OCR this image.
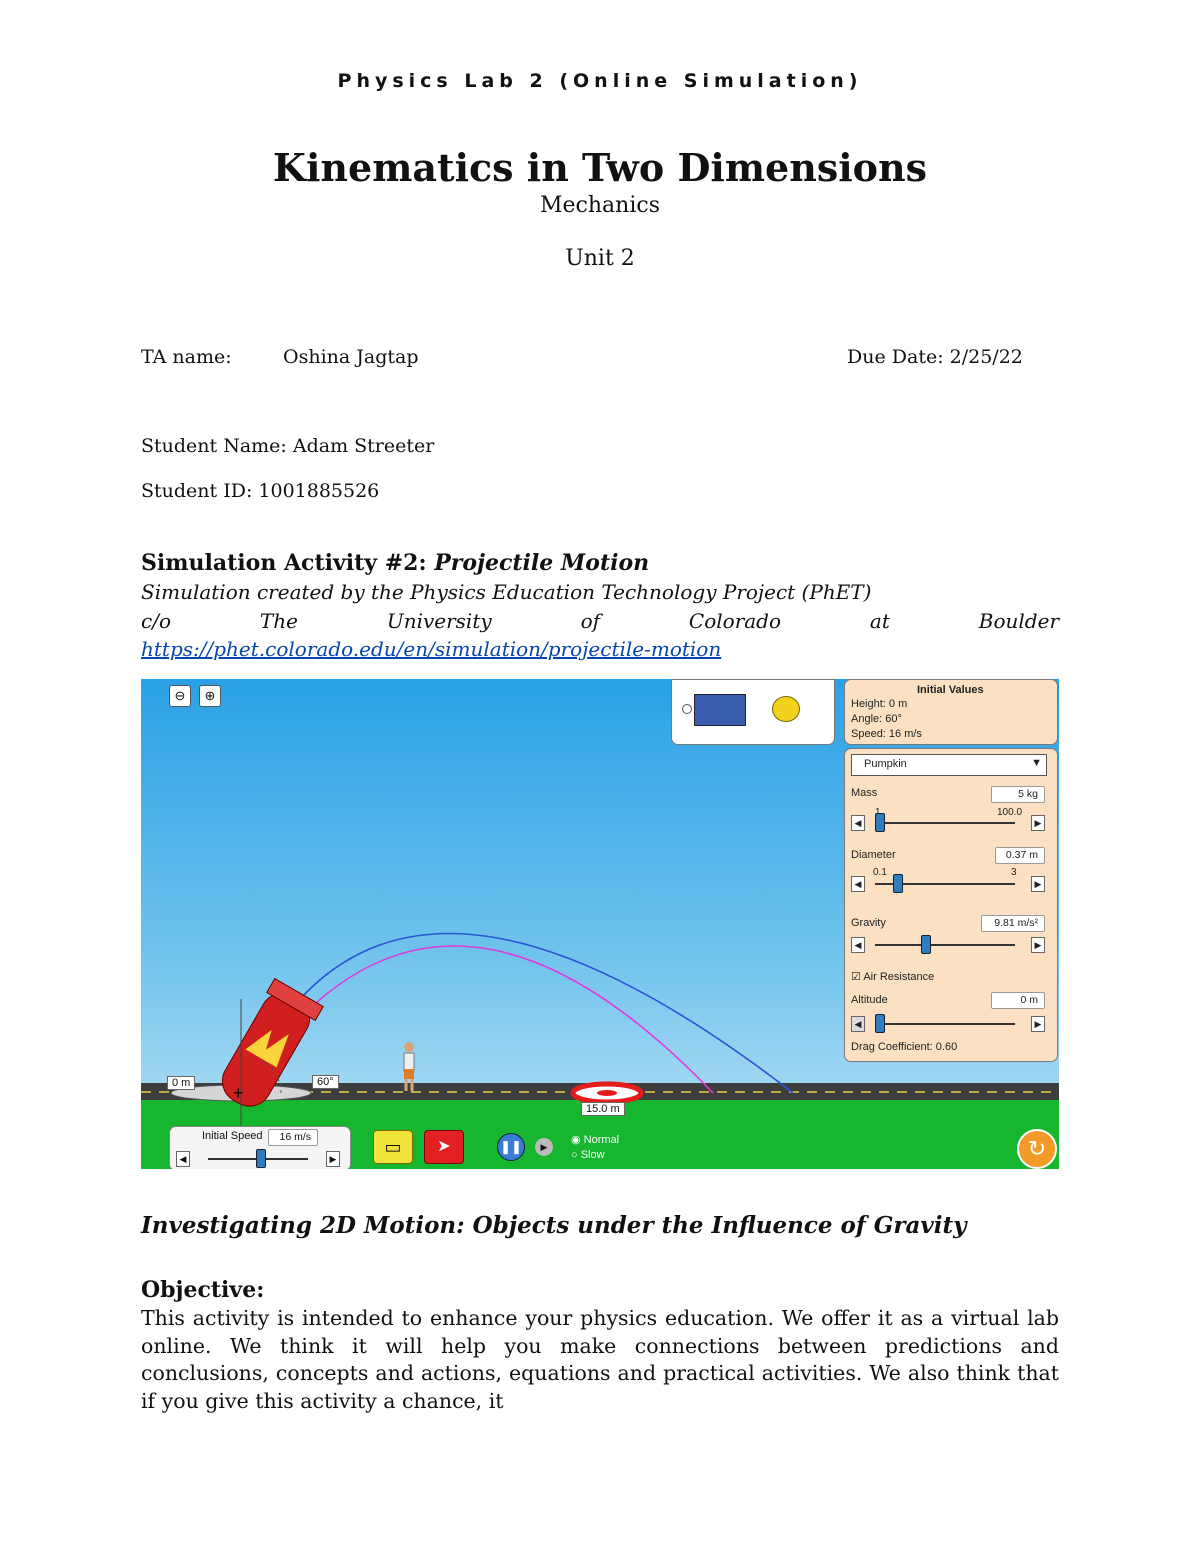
Physics Lab 2 (Online Simulation)
Kinematics in Two Dimensions
Mechanics
Unit 2
TA name:	Oshina Jagtap	Due Date: 2/25/22
Student Name: Adam Streeter
Student ID: 1001885526
Simulation Activity #2: Projectile Motion
Simulation created by the Physics Education Technology Project (PhET)
c/o The University of Colorado at Boulder https://phet.colorado.edu/en/simulation/projectile-motion
+
⊖	⊕
0 m	60°
15.0 m
Initial Values
Height: 0 m
Angle: 60°
Speed: 16 m/s
Pumpkin	▼
Mass	5 kg
100.0
◀	▶
Diameter	0.37 m
0.1	3
◀	▶
Gravity	9.81 m/s²
◀	▶
☑ Air Resistance
Altitude	0 m
◀	▶
Drag Coefficient: 0.60
Initial Speed	16 m/s
◀	▶
▭	➤	❚❚	▶
◉ Normal
○ Slow	↻
Investigating 2D Motion: Objects under the Influence of Gravity
Objective:
This activity is intended to enhance your physics education. We offer it as a virtual lab online. We think it will help you make connections between predictions and conclusions, concepts and actions, equations and practical activities. We also think that if you give this activity a chance, it
